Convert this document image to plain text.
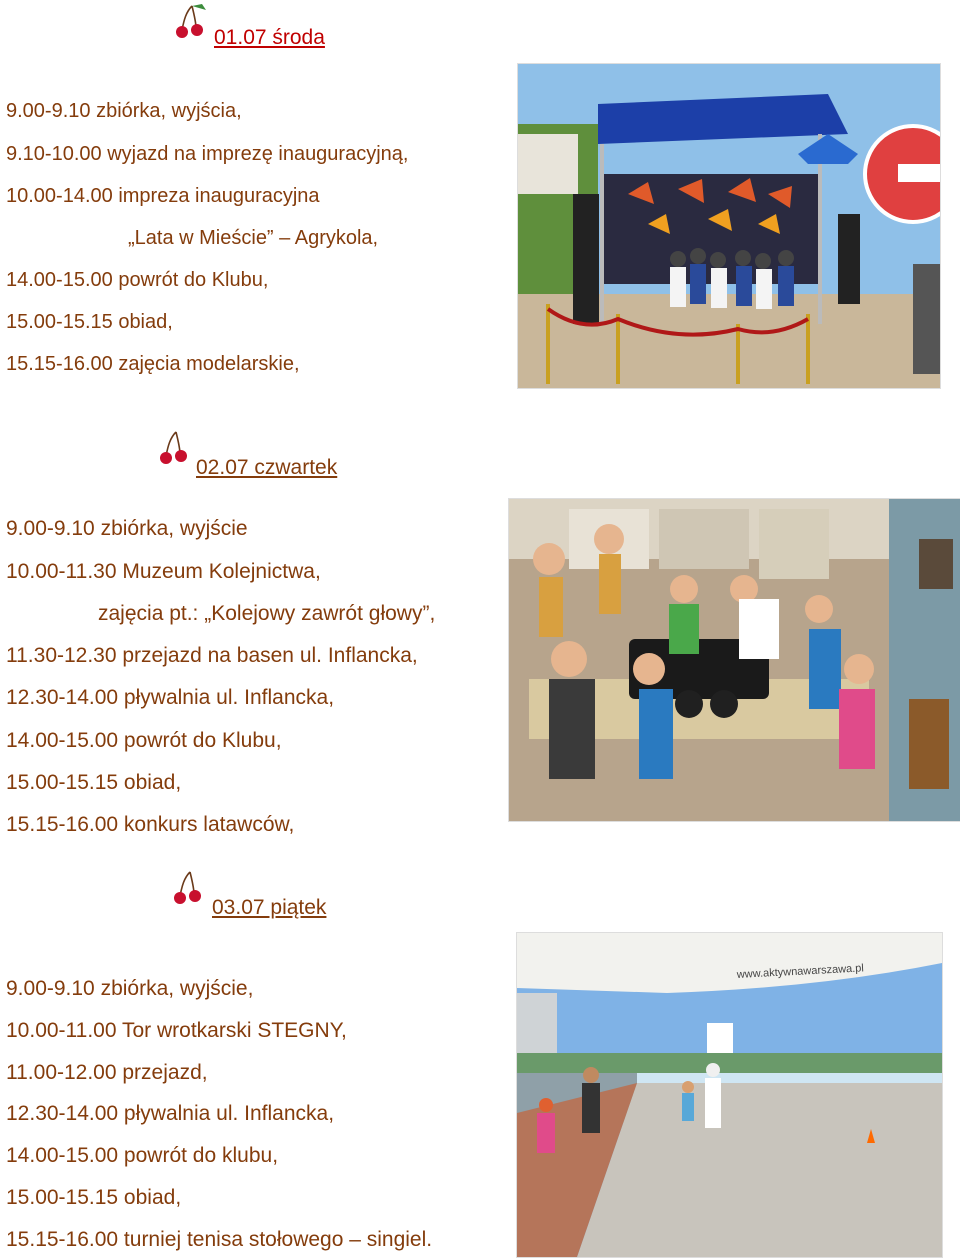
01.07 środa
9.00-9.10 zbiórka, wyjścia,
9.10-10.00 wyjazd na imprezę inauguracyjną,
10.00-14.00 impreza inauguracyjna
„Lata w Mieście” – Agrykola,
14.00-15.00 powrót do Klubu,
15.00-15.15 obiad,
15.15-16.00 zajęcia modelarskie,
02.07 czwartek
9.00-9.10 zbiórka, wyjście
10.00-11.30 Muzeum Kolejnictwa,
zajęcia pt.: „Kolejowy zawrót głowy”,
11.30-12.30 przejazd na basen ul. Inflancka,
12.30-14.00 pływalnia ul. Inflancka,
14.00-15.00 powrót do Klubu,
15.00-15.15 obiad,
15.15-16.00 konkurs latawców,
03.07 piątek
9.00-9.10 zbiórka, wyjście,
10.00-11.00 Tor wrotkarski STEGNY,
11.00-12.00 przejazd,
12.30-14.00 pływalnia ul. Inflancka,
14.00-15.00 powrót do klubu,
15.00-15.15 obiad,
15.15-16.00 turniej tenisa stołowego – singiel.
www.aktywnawarszawa.pl
